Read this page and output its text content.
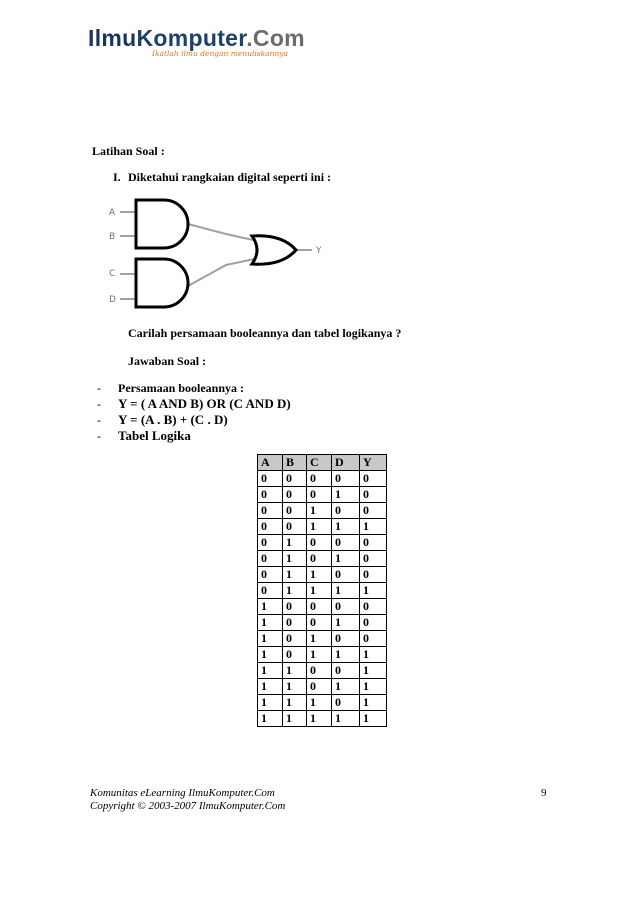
IlmuKomputer.Com
Ikatlah ilmu dengan menuliskannya
Latihan Soal :
I. Diketahui rangkaian digital seperti ini :
A
B
C
D
Y
Carilah persamaan booleannya dan tabel logikanya ?
Jawaban Soal :
- Persamaan booleannya :
- Y = ( A AND B) OR (C AND D)
- Y = (A . B) + (C . D)
- Tabel Logika
A	B	C	D	Y
0	0	0	0	0
0	0	0	1	0
0	0	1	0	0
0	0	1	1	1
0	1	0	0	0
0	1	0	1	0
0	1	1	0	0
0	1	1	1	1
1	0	0	0	0
1	0	0	1	0
1	0	1	0	0
1	0	1	1	1
1	1	0	0	1
1	1	0	1	1
1	1	1	0	1
1	1	1	1	1
Komunitas eLearning IlmuKomputer.Com
Copyright © 2003-2007 IlmuKomputer.Com
9
